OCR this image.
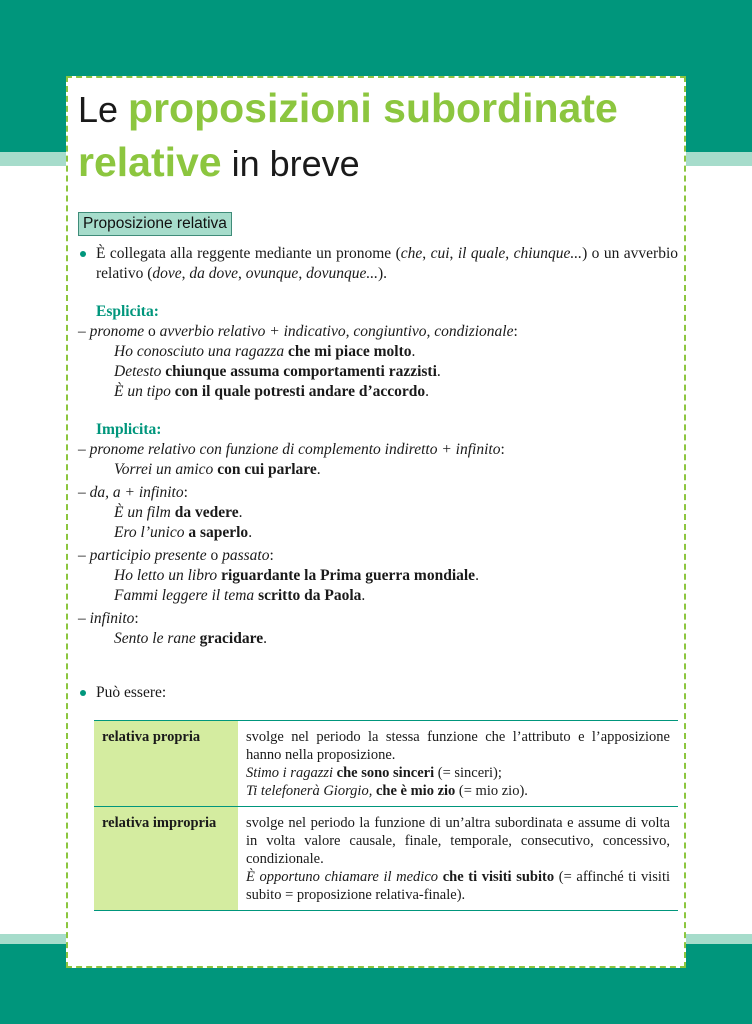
Le proposizioni subordinate
relative in breve
Proposizione relativa
È collegata alla reggente mediante un pronome (che, cui, il quale, chiunque...) o un avverbio relativo (dove, da dove, ovunque, dovunque...).
Esplicita:
– pronome o avverbio relativo + indicativo, congiuntivo, condizionale:
Ho conosciuto una ragazza che mi piace molto.
Detesto chiunque assuma comportamenti razzisti.
È un tipo con il quale potresti andare d’accordo.
Implicita:
– pronome relativo con funzione di complemento indiretto + infinito:
Vorrei un amico con cui parlare.
– da, a + infinito:
È un film da vedere.
Ero l’unico a saperlo.
– participio presente o passato:
Ho letto un libro riguardante la Prima guerra mondiale.
Fammi leggere il tema scritto da Paola.
– infinito:
Sento le rane gracidare.
Può essere:
relativa propria	svolge nel periodo la stessa funzione che l’attributo e l’apposizione hanno nella proposizione.
Stimo i ragazzi che sono sinceri (= sinceri);
Ti telefonerà Giorgio, che è mio zio (= mio zio).

relativa impropria	svolge nel periodo la funzione di un’altra subordinata e assume di volta in volta valore causale, finale, temporale, consecutivo, concessivo, condizionale.
È opportuno chiamare il medico che ti visiti subito (= affinché ti visiti subito = proposizione relativa-finale).
